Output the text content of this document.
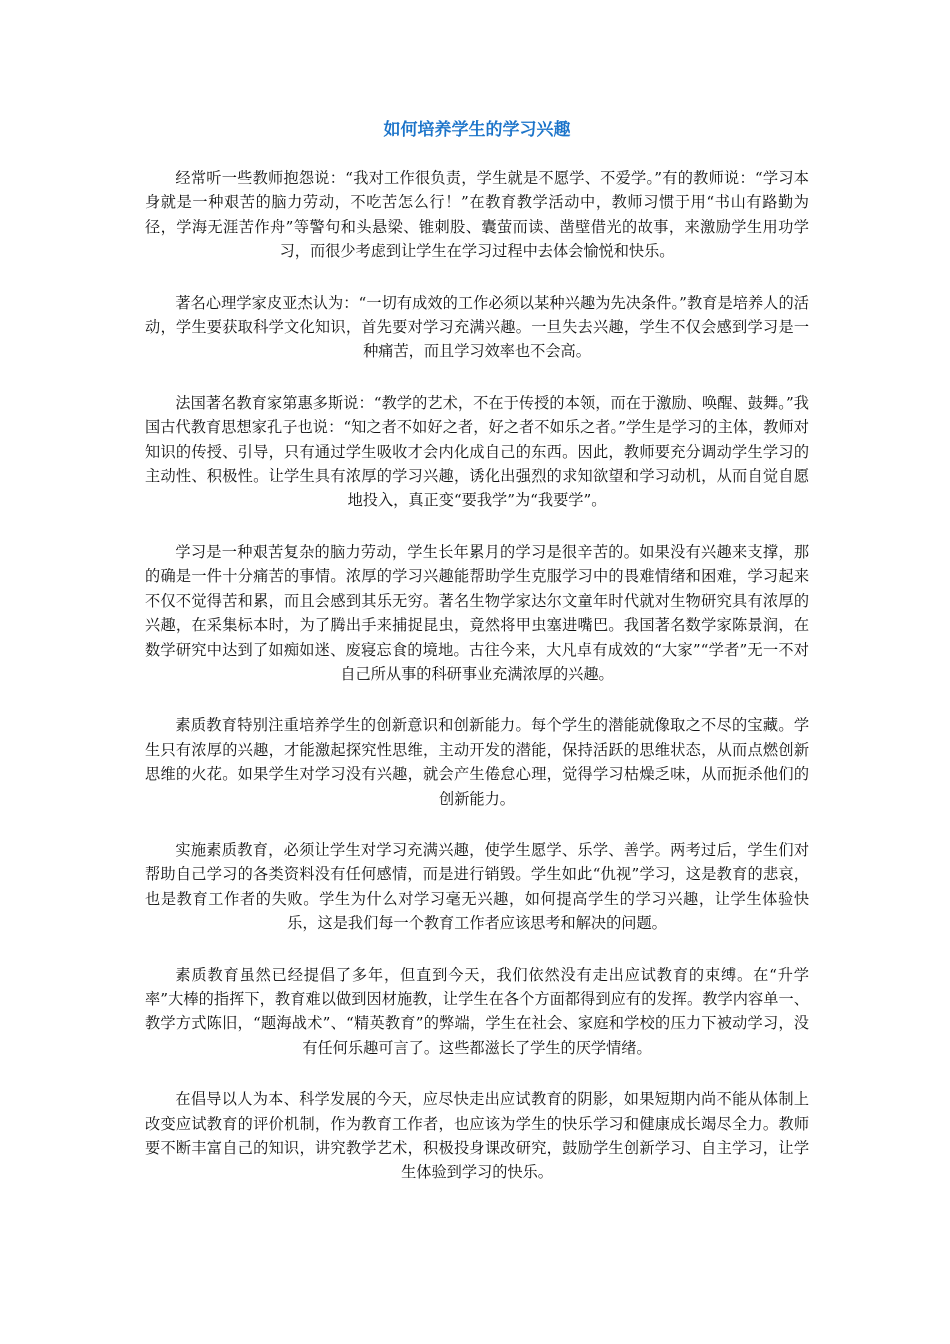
如何培养学生的学习兴趣

经常听一些教师抱怨说：“我对工作很负责，学生就是不愿学、不爱学。”有的教师说：“学习本身就是一种艰苦的脑力劳动，不吃苦怎么行！”在教育教学活动中，教师习惯于用“书山有路勤为径，学海无涯苦作舟”等警句和头悬梁、锥刺股、囊萤而读、凿壁借光的故事，来激励学生用功学习，而很少考虑到让学生在学习过程中去体会愉悦和快乐。

著名心理学家皮亚杰认为：“一切有成效的工作必须以某种兴趣为先决条件。”教育是培养人的活动，学生要获取科学文化知识，首先要对学习充满兴趣。一旦失去兴趣，学生不仅会感到学习是一种痛苦，而且学习效率也不会高。

法国著名教育家第惠多斯说：“教学的艺术，不在于传授的本领，而在于激励、唤醒、鼓舞。”我国古代教育思想家孔子也说：“知之者不如好之者，好之者不如乐之者。”学生是学习的主体，教师对知识的传授、引导，只有通过学生吸收才会内化成自己的东西。因此，教师要充分调动学生学习的主动性、积极性。让学生具有浓厚的学习兴趣，诱化出强烈的求知欲望和学习动机，从而自觉自愿地投入，真正变“要我学”为“我要学”。

学习是一种艰苦复杂的脑力劳动，学生长年累月的学习是很辛苦的。如果没有兴趣来支撑，那的确是一件十分痛苦的事情。浓厚的学习兴趣能帮助学生克服学习中的畏难情绪和困难，学习起来不仅不觉得苦和累，而且会感到其乐无穷。著名生物学家达尔文童年时代就对生物研究具有浓厚的兴趣，在采集标本时，为了腾出手来捕捉昆虫，竟然将甲虫塞进嘴巴。我国著名数学家陈景润，在数学研究中达到了如痴如迷、废寝忘食的境地。古往今来，大凡卓有成效的“大家”“学者”无一不对自己所从事的科研事业充满浓厚的兴趣。

素质教育特别注重培养学生的创新意识和创新能力。每个学生的潜能就像取之不尽的宝藏。学生只有浓厚的兴趣，才能激起探究性思维，主动开发的潜能，保持活跃的思维状态，从而点燃创新思维的火花。如果学生对学习没有兴趣，就会产生倦怠心理，觉得学习枯燥乏味，从而扼杀他们的创新能力。

实施素质教育，必须让学生对学习充满兴趣，使学生愿学、乐学、善学。两考过后，学生们对帮助自己学习的各类资料没有任何感情，而是进行销毁。学生如此“仇视”学习，这是教育的悲哀，也是教育工作者的失败。学生为什么对学习毫无兴趣，如何提高学生的学习兴趣，让学生体验快乐，这是我们每一个教育工作者应该思考和解决的问题。

素质教育虽然已经提倡了多年，但直到今天，我们依然没有走出应试教育的束缚。在“升学率”大棒的指挥下，教育难以做到因材施教，让学生在各个方面都得到应有的发挥。教学内容单一、教学方式陈旧，“题海战术”、“精英教育”的弊端，学生在社会、家庭和学校的压力下被动学习，没有任何乐趣可言了。这些都滋长了学生的厌学情绪。

在倡导以人为本、科学发展的今天，应尽快走出应试教育的阴影，如果短期内尚不能从体制上改变应试教育的评价机制，作为教育工作者，也应该为学生的快乐学习和健康成长竭尽全力。教师要不断丰富自己的知识，讲究教学艺术，积极投身课改研究，鼓励学生创新学习、自主学习，让学生体验到学习的快乐。
